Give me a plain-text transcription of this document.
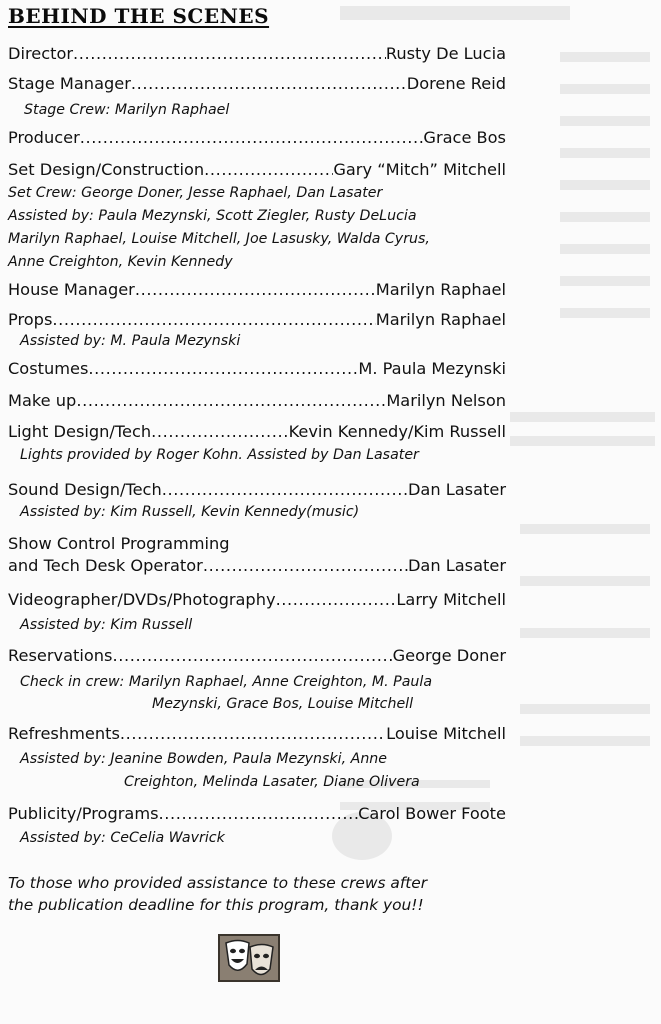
BEHIND THE SCENES
Director .....	Rusty De Lucia
Stage Manager .....	Dorene Reid
Stage Crew: Marilyn Raphael
Producer .....	Grace Bos
Set Design/Construction .....	Gary “Mitch” Mitchell
Set Crew: George Doner, Jesse Raphael, Dan Lasater
Assisted by: Paula Mezynski, Scott Ziegler, Rusty DeLucia
Marilyn Raphael, Louise Mitchell, Joe Lasusky, Walda Cyrus,
Anne Creighton, Kevin Kennedy
House Manager .....	Marilyn Raphael
Props .....	Marilyn Raphael
Assisted by: M. Paula Mezynski
Costumes .....	M. Paula Mezynski
Make up .....	Marilyn Nelson
Light Design/Tech .....	Kevin Kennedy/Kim Russell
Lights provided by Roger Kohn. Assisted by Dan Lasater
Sound Design/Tech .....	Dan Lasater
Assisted by: Kim Russell, Kevin Kennedy(music)
Show Control Programming
and Tech Desk Operator .....	Dan Lasater
Videographer/DVDs/Photography .....	Larry Mitchell
Assisted by: Kim Russell
Reservations .....	George Doner
Check in crew: Marilyn Raphael, Anne Creighton, M. Paula
Mezynski, Grace Bos, Louise Mitchell
Refreshments .....	Louise Mitchell
Assisted by: Jeanine Bowden, Paula Mezynski, Anne
Creighton, Melinda Lasater, Diane Olivera
Publicity/Programs .....	Carol Bower Foote
Assisted by: CeCelia Wavrick
To those who provided assistance to these crews after
the publication deadline for this program, thank you!!
